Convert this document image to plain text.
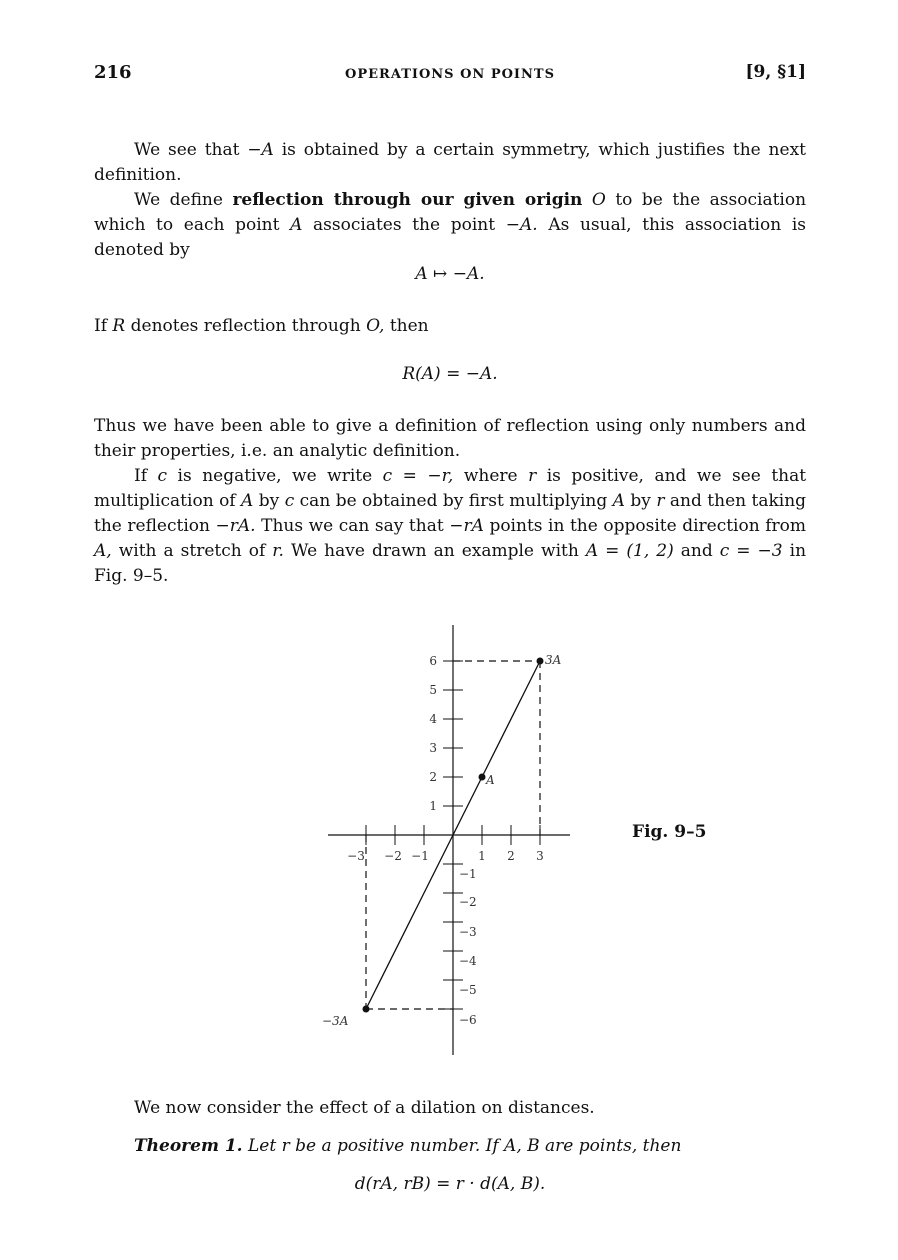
216	OPERATIONS ON POINTS	[9, §1]
We see that −A is obtained by a certain symmetry, which justifies the next definition.
We define reflection through our given origin O to be the association which to each point A associates the point −A. As usual, this association is denoted by
A ↦ −A.
If R denotes reflection through O, then
R(A) = −A.
Thus we have been able to give a definition of reflection using only numbers and their properties, i.e. an analytic definition.
If c is negative, we write c = −r, where r is positive, and we see that multiplication of A by c can be obtained by first multiplying A by r and then taking the reflection −rA. Thus we can say that −rA points in the opposite direction from A, with a stretch of r. We have drawn an example with A = (1, 2) and c = −3 in Fig. 9–5.
1
2
3
4
5
6
−1
−2
−3
−4
−5
−6
1 2 3
−1
−2
−3
3A
A
−3A
Fig. 9–5
We now consider the effect of a dilation on distances.
Theorem 1. Let r be a positive number. If A, B are points, then
d(rA, rB) = r · d(A, B).
